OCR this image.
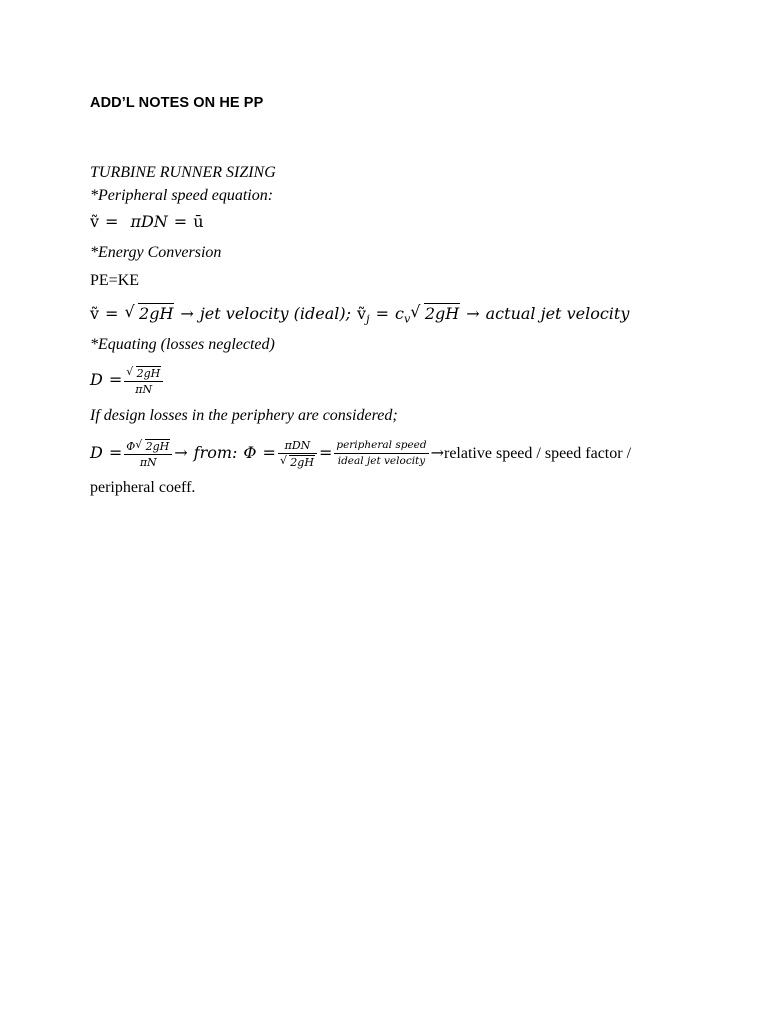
ADD’L NOTES ON HE PP
TURBINE RUNNER SIZING
*Peripheral speed equation:
ṽ = πDN = ū
*Energy Conversion
PE=KE
ṽ = √ 2gH → jet velocity (ideal); ṽ$_j$ = $c_v$ √ 2gH → actual jet velocity
*Equating (losses neglected)
$D = \frac{√ 2gH}{\pi N}$
If design losses in the periphery are considered;
$D = \frac{\Phi √ 2gH}{\pi N}$ → from: $\Phi = \frac{\text{πDN}}{√ 2gH} = \frac{\text{peripheral speed}}{\text{ideal jet velocity}}$ →relative speed / speed factor /
peripheral coeff.
